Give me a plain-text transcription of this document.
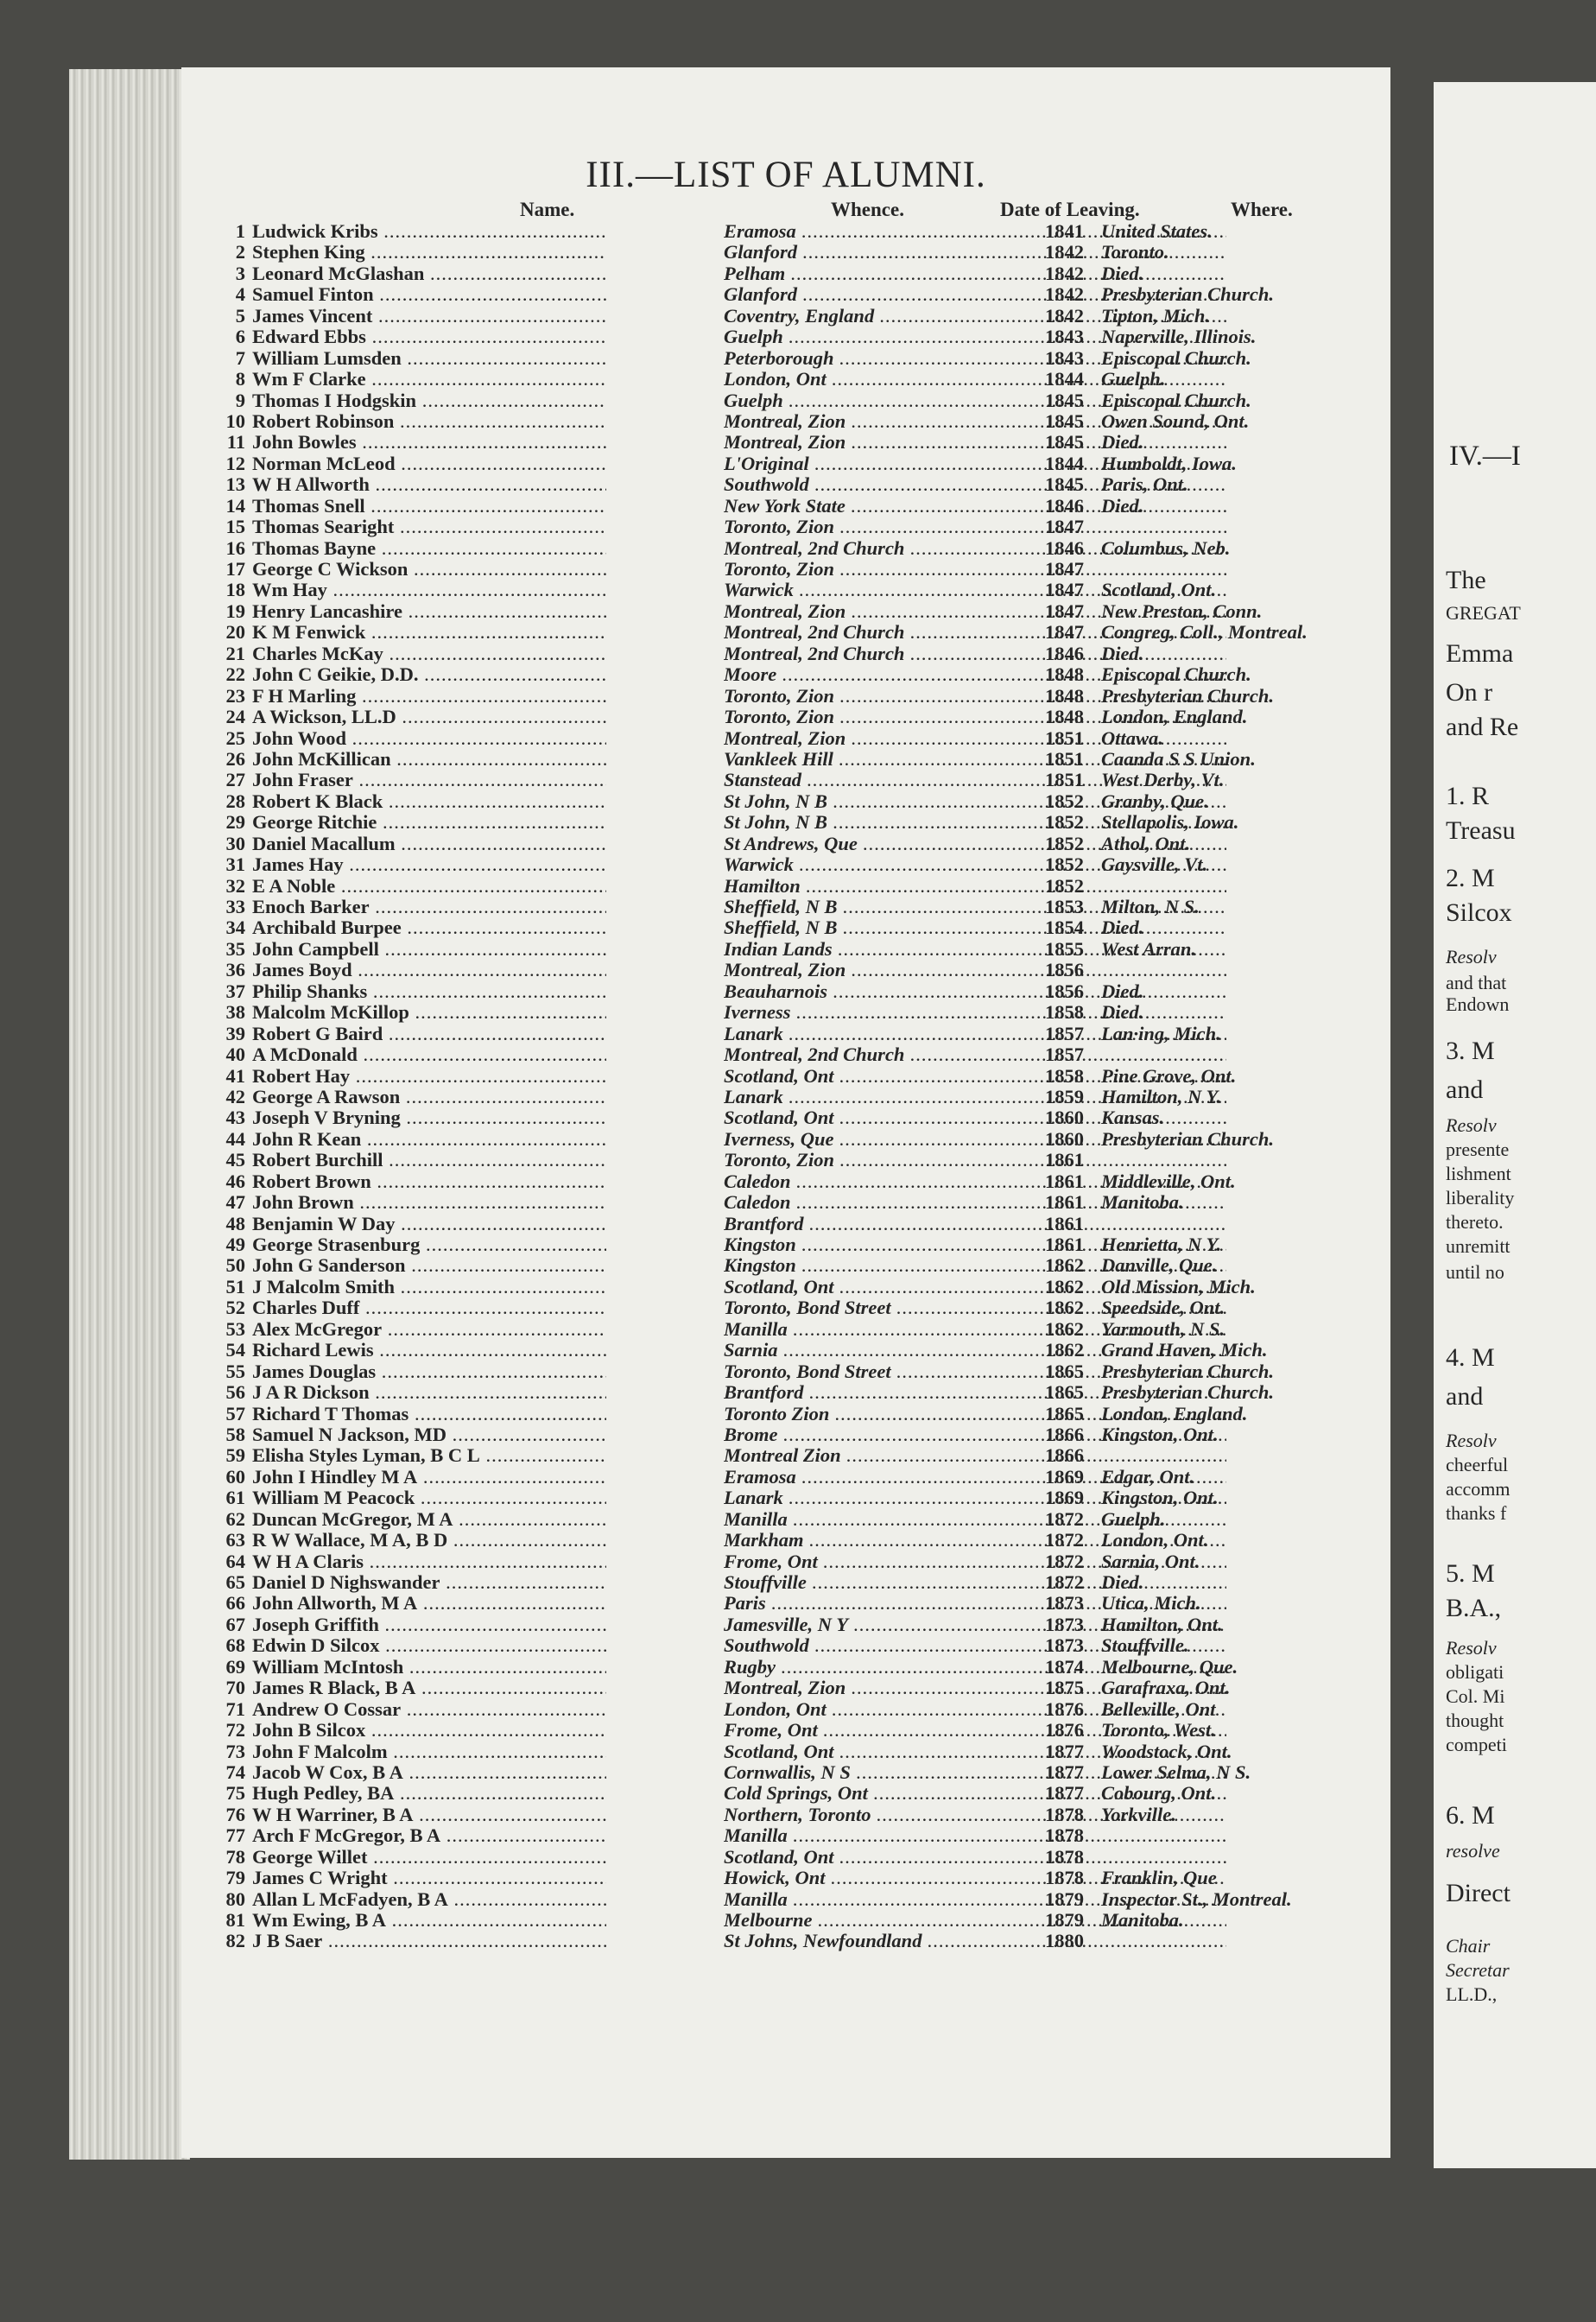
III.—LIST OF ALUMNI.
Name.	Whence.	Date of Leaving.	Where.
1 Ludwick Kribs .....	Eramosa .....	1841 United States.
2 Stephen King .....	Glanford .....	1842 Toronto.
3 Leonard McGlashan .....	Pelham .....	1842 Died.
4 Samuel Finton .....	Glanford .....	1842 Presbyterian Church.
5 James Vincent .....	Coventry, England .....	1842 Tipton, Mich.
6 Edward Ebbs .....	Guelph .....	1843 Naperville, Illinois.
7 William Lumsden .....	Peterborough .....	1843 Episcopal Church.
8 Wm F Clarke .....	London, Ont .....	1844 Guelph.
9 Thomas I Hodgskin .....	Guelph .....	1845 Episcopal Church.
10 Robert Robinson .....	Montreal, Zion .....	1845 Owen Sound, Ont.
11 John Bowles .....	Montreal, Zion .....	1845 Died.
12 Norman McLeod .....	L'Original .....	1844 Humboldt, Iowa.
13 W H Allworth .....	Southwold .....	1845 Paris, Ont.
14 Thomas Snell .....	New York State .....	1846 Died.
15 Thomas Searight .....	Toronto, Zion .....	1847
16 Thomas Bayne .....	Montreal, 2nd Church .....	1846 Columbus, Neb.
17 George C Wickson .....	Toronto, Zion .....	1847
18 Wm Hay .....	Warwick .....	1847 Scotland, Ont.
19 Henry Lancashire .....	Montreal, Zion .....	1847 New Preston, Conn.
20 K M Fenwick .....	Montreal, 2nd Church .....	1847 Congreg, Coll., Montreal.
21 Charles McKay .....	Montreal, 2nd Church .....	1846 Died.
22 John C Geikie, D.D. .....	Moore .....	1848 Episcopal Church.
23 F H Marling .....	Toronto, Zion .....	1848 Presbyterian Church.
24 A Wickson, LL.D .....	Toronto, Zion .....	1848 London, England.
25 John Wood .....	Montreal, Zion .....	1851 Ottawa.
26 John McKillican .....	Vankleek Hill .....	1851 Caanda S S Union.
27 John Fraser .....	Stanstead .....	1851 West Derby, Vt.
28 Robert K Black .....	St John, N B .....	1852 Granby, Que.
29 George Ritchie .....	St John, N B .....	1852 Stellapolis, Iowa.
30 Daniel Macallum .....	St Andrews, Que .....	1852 Athol, Ont.
31 James Hay .....	Warwick .....	1852 Gaysville, Vt.
32 E A Noble .....	Hamilton .....	1852
33 Enoch Barker .....	Sheffield, N B .....	1853 Milton, N S.
34 Archibald Burpee .....	Sheffield, N B .....	1854 Died.
35 John Campbell .....	Indian Lands .....	1855 West Arran.
36 James Boyd .....	Montreal, Zion .....	1856
37 Philip Shanks .....	Beauharnois .....	1856 Died.
38 Malcolm McKillop .....	Iverness .....	1858 Died.
39 Robert G Baird .....	Lanark .....	1857 Lan·ing, Mich.
40 A McDonald .....	Montreal, 2nd Church .....	1857
41 Robert Hay .....	Scotland, Ont .....	1858 Pine Grove, Ont.
42 George A Rawson .....	Lanark .....	1859 Hamilton, N Y.
43 Joseph V Bryning .....	Scotland, Ont .....	1860 Kansas.
44 John R Kean .....	Iverness, Que .....	1860 Presbyterian Church.
45 Robert Burchill .....	Toronto, Zion .....	1861
46 Robert Brown .....	Caledon .....	1861 Middleville, Ont.
47 John Brown .....	Caledon .....	1861 Manitoba.
48 Benjamin W Day .....	Brantford .....	1861
49 George Strasenburg .....	Kingston .....	1861 Henrietta, N Y.
50 John G Sanderson .....	Kingston .....	1862 Danville, Que.
51 J Malcolm Smith .....	Scotland, Ont .....	1862 Old Mission, Mich.
52 Charles Duff .....	Toronto, Bond Street .....	1862 Speedside, Ont.
53 Alex McGregor .....	Manilla .....	1862 Yarmouth, N S.
54 Richard Lewis .....	Sarnia .....	1862 Grand Haven, Mich.
55 James Douglas .....	Toronto, Bond Street .....	1865 Presbyterian Church.
56 J A R Dickson .....	Brantford .....	1865 Presbyterian Church.
57 Richard T Thomas .....	Toronto Zion .....	1865 London, England.
58 Samuel N Jackson, MD .....	Brome .....	1866 Kingston, Ont.
59 Elisha Styles Lyman, B C L .....	Montreal Zion .....	1866
60 John I Hindley M A .....	Eramosa .....	1869 Edgar, Ont.
61 William M Peacock .....	Lanark .....	1869 Kingston, Ont.
62 Duncan McGregor, M A .....	Manilla .....	1872 Guelph.
63 R W Wallace, M A, B D .....	Markham .....	1872 London, Ont.
64 W H A Claris .....	Frome, Ont .....	1872 Sarnia, Ont.
65 Daniel D Nighswander .....	Stouffville .....	1872 Died.
66 John Allworth, M A .....	Paris .....	1873 Utica, Mich.
67 Joseph Griffith .....	Jamesville, N Y .....	1873 Hamilton, Ont.
68 Edwin D Silcox .....	Southwold .....	1873 Stouffville.
69 William McIntosh .....	Rugby .....	1874 Melbourne, Que.
70 James R Black, B A .....	Montreal, Zion .....	1875 Garafraxa, Ont.
71 Andrew O Cossar .....	London, Ont .....	1876 Belleville, Ont
72 John B Silcox .....	Frome, Ont .....	1876 Toronto, West.
73 John F Malcolm .....	Scotland, Ont .....	1877 Woodstock, Ont.
74 Jacob W Cox, B A .....	Cornwallis, N S .....	1877 Lower Selma, N S.
75 Hugh Pedley, BA .....	Cold Springs, Ont .....	1877 Cobourg, Ont.
76 W H Warriner, B A .....	Northern, Toronto .....	1878 Yorkville.
77 Arch F McGregor, B A .....	Manilla .....	1878
78 George Willet .....	Scotland, Ont .....	1878
79 James C Wright .....	Howick, Ont .....	1878 Franklin, Que
80 Allan L McFadyen, B A .....	Manilla .....	1879 Inspector St., Montreal.
81 Wm Ewing, B A .....	Melbourne .....	1879 Manitoba.
82 J B Saer .....	St Johns, Newfoundland .....	1880
IV.—I
The
GREGAT
Emma
On r
and Re
1. R
Treasu
2. M
Silcox
Resolv
and that
Endown
3. M
and
Resolv
presente
lishment
liberality
thereto.
unremitt
until no
4. M
and
Resolv
cheerful
accomm
thanks f
5. M
B.A.,
Resolv
obligati
Col. Mi
thought
competi
6. M
resolve
Direct
Chair
Secretar
LL.D.,
